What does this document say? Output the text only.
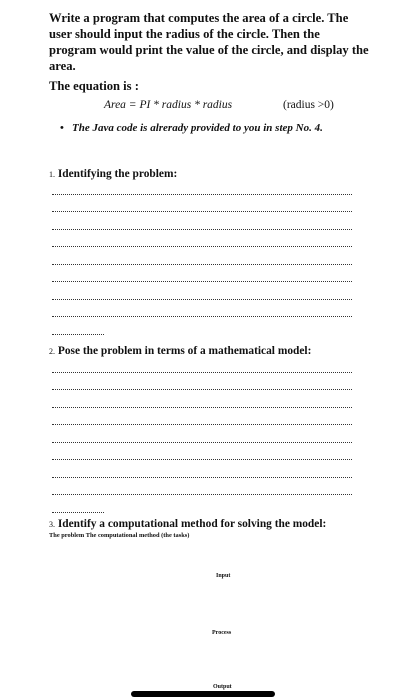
Write a program that computes the area of a circle. The user should input the radius of the circle. Then the program would print the value of the circle, and display the area.
The equation is :
Area = PI * radius * radius	(radius >0)
• The Java code is alrerady provided to you in step No. 4.
1. Identifying the problem:
2. Pose the problem in terms of a mathematical model:
3. Identify a computational method for solving the model:
The problem The computational method (the tasks)
Input
Process
Output
